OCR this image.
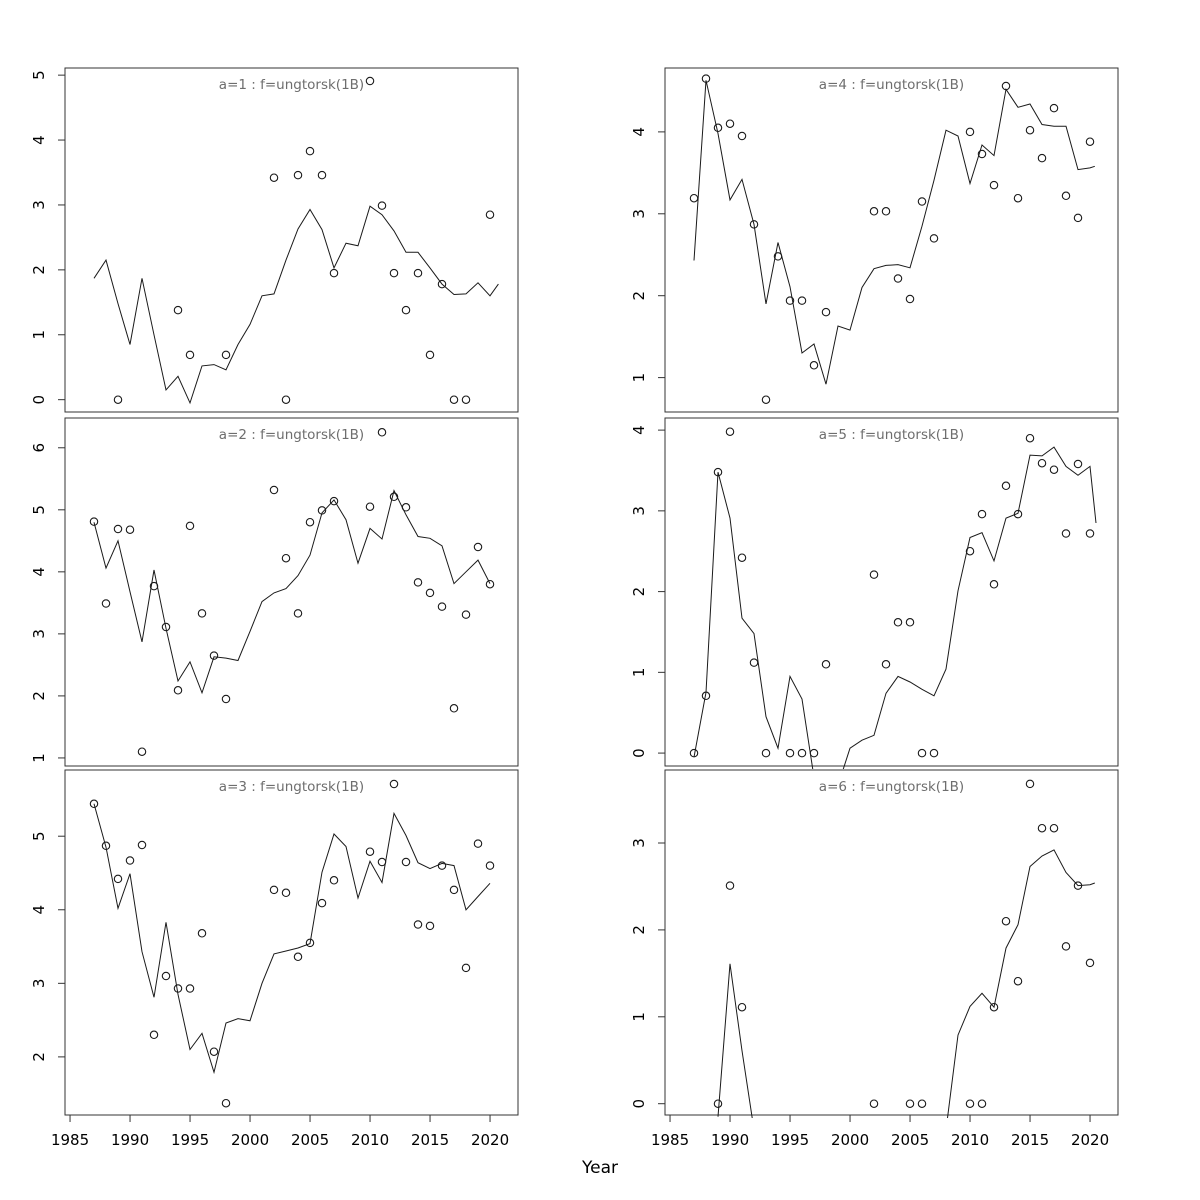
a=1 : f=ungtorsk(1B)
0
1
2
3
4
5
a=4 : f=ungtorsk(1B)
1
2
3
4
a=2 : f=ungtorsk(1B)
1
2
3
4
5
6
a=5 : f=ungtorsk(1B)
0
1
2
3
4
a=3 : f=ungtorsk(1B)
2
3
4
5
1985 1990 1995 2000 2005 2010 2015 2020
a=6 : f=ungtorsk(1B)
0
1
2
3
1985 1990 1995 2000 2005 2010 2015 2020
Year
